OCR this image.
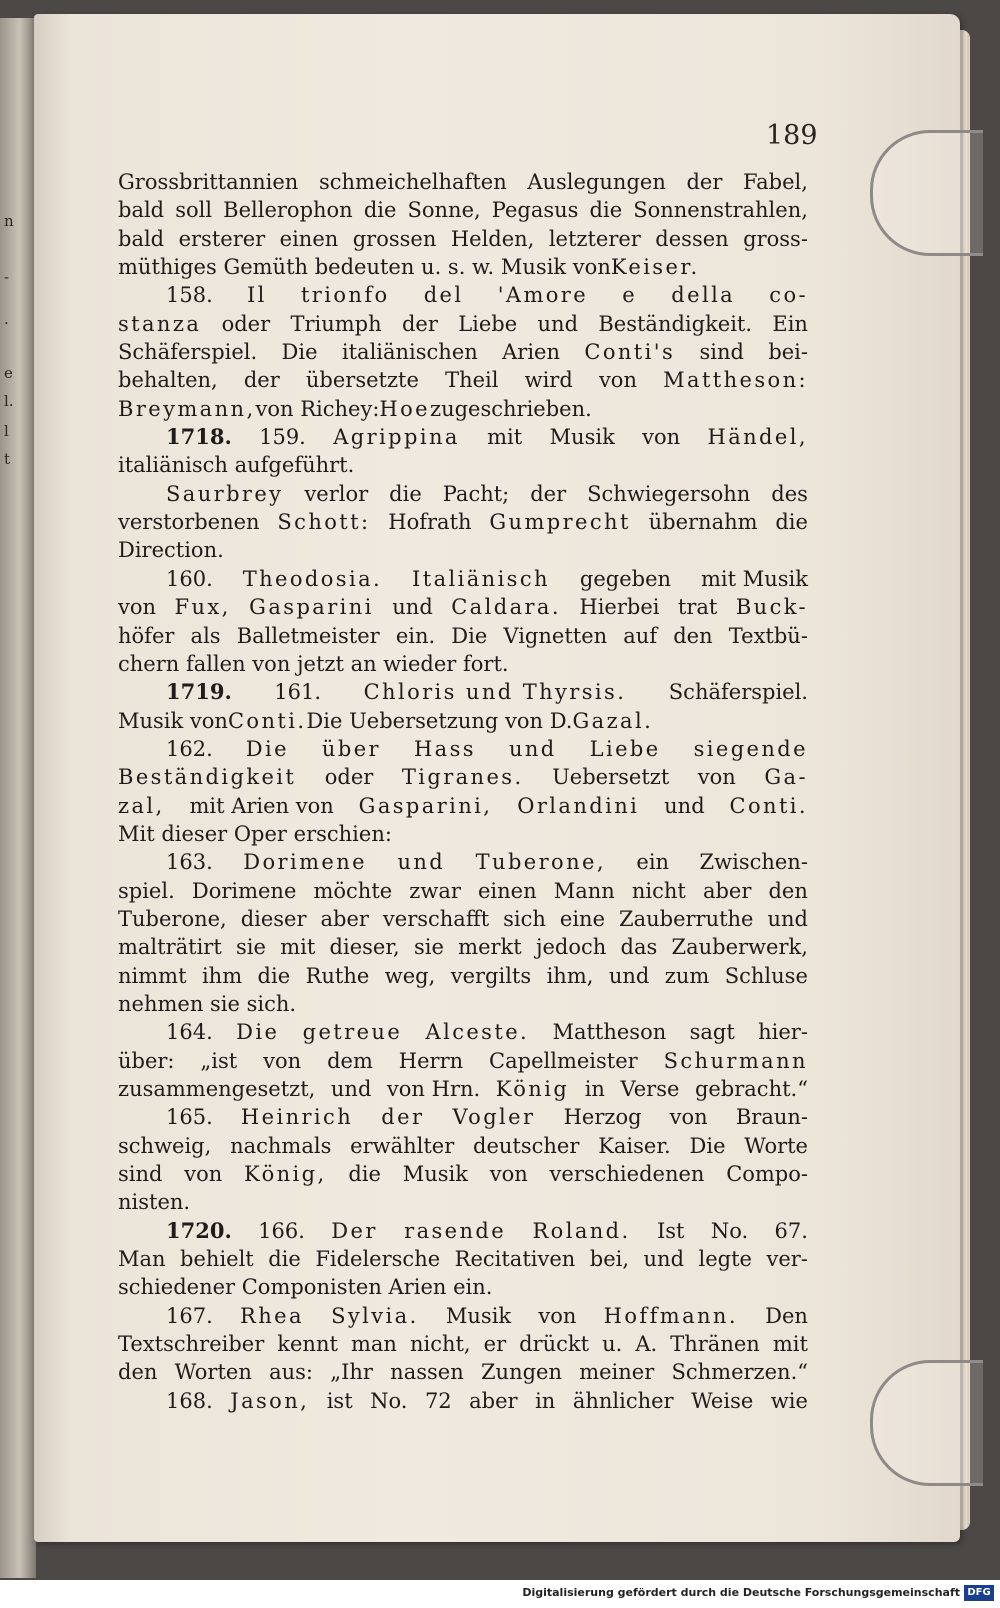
n
-
.
e
l.
l
t
189
Grossbrittannien schmeichelhaften Auslegungen der Fabel,
bald soll Bellerophon die Sonne, Pegasus die Sonnenstrahlen,
bald ersterer einen grossen Helden, letzterer dessen gross-
müthiges Gemüth bedeuten u. s. w. Musik von Keiser.
158. Il trionfo del 'Amore e della co-
stanza oder Triumph der Liebe und Beständigkeit. Ein
Schäferspiel. Die italiänischen Arien Conti's sind bei-
behalten, der übersetzte Theil wird von Mattheson:
Breymann, von Richey: Hoe zugeschrieben.
1718. 159. Agrippina mit Musik von Händel,
italiänisch aufgeführt.
Saurbrey verlor die Pacht; der Schwiegersohn des
verstorbenen Schott: Hofrath Gumprecht übernahm die
Direction.
160. Theodosia. Italiänisch gegeben mit Musik
von Fux, Gasparini und Caldara. Hierbei trat Buck-
höfer als Balletmeister ein. Die Vignetten auf den Textbü-
chern fallen von jetzt an wieder fort.
1719. 161. Chloris und Thyrsis. Schäferspiel.
Musik von Conti. Die Uebersetzung von D. Gazal.
162. Die über Hass und Liebe siegende
Beständigkeit oder Tigranes. Uebersetzt von Ga-
zal, mit Arien von Gasparini, Orlandini und Conti.
Mit dieser Oper erschien:
163. Dorimene und Tuberone, ein Zwischen-
spiel. Dorimene möchte zwar einen Mann nicht aber den
Tuberone, dieser aber verschafft sich eine Zauberruthe und
malträtirt sie mit dieser, sie merkt jedoch das Zauberwerk,
nimmt ihm die Ruthe weg, vergilts ihm, und zum Schluse
nehmen sie sich.
164. Die getreue Alceste. Mattheson sagt hier-
über: „ist von dem Herrn Capellmeister Schurmann
zusammengesetzt, und von Hrn. König in Verse gebracht.“
165. Heinrich der Vogler Herzog von Braun-
schweig, nachmals erwählter deutscher Kaiser. Die Worte
sind von König, die Musik von verschiedenen Compo-
nisten.
1720. 166. Der rasende Roland. Ist No. 67.
Man behielt die Fidelersche Recitativen bei, und legte ver-
schiedener Componisten Arien ein.
167. Rhea Sylvia. Musik von Hoffmann. Den
Textschreiber kennt man nicht, er drückt u. A. Thränen mit
den Worten aus: „Ihr nassen Zungen meiner Schmerzen.“
168. Jason, ist No. 72 aber in ähnlicher Weise wie
Digitalisierung gefördert durch die Deutsche Forschungsgemeinschaft DFG
